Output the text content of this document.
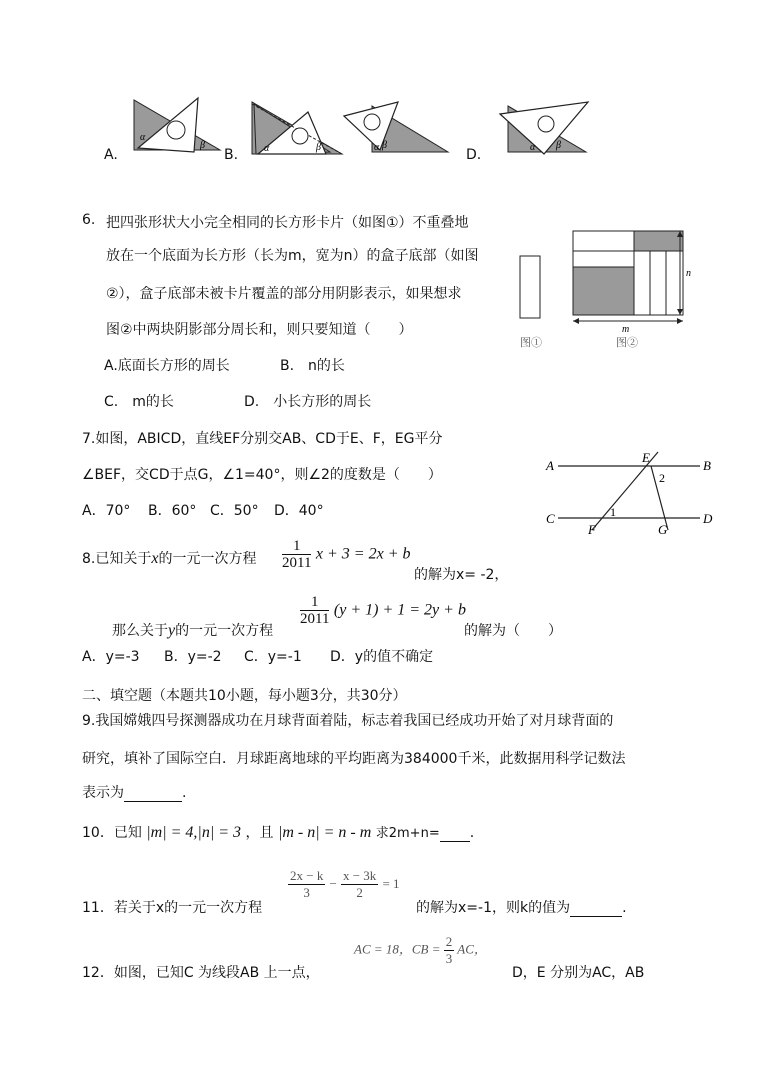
A.
α
β
B.	α	β	α β
D.	α β
6. 把四张形状大小完全相同的长方形卡片（如图①）不重叠地
放在一个底面为长方形（长为m，宽为n）的盒子底部（如图
②），盒子底部未被卡片覆盖的部分用阴影表示，如果想求
图②中两块阴影部分周长和，则只要知道（　　）
A.底面长方形的周长	B.　n的长
C.　m的长	D.　小长方形的周长
n
m
图①	图②
7.如图，ABICD，直线EF分别交AB、CD于E、F，EG平分
∠BEF，交CD于点G，∠1=40°，则∠2的度数是（　　）
A．70° B．60° C．50° D．40°
A	B
C	D
E
F	G
1
2
8.已知关于x的一元一次方程 $\frac{1}{2011}$ x + 3 = 2x + b
的解为x= -2，
那么关于y的一元一次方程
$\frac{1}{2011} (y + 1) + 1 = 2y + b$
的解为（　　）
A．y=-3 B．y=-2 C．y=-1 D．y的值不确定
二、填空题（本题共10小题，每小题3分，共30分）
9.我国嫦娥四号探测器成功在月球背面着陆，标志着我国已经成功开始了对月球背面的
研究，填补了国际空白．月球距离地球的平均距离为384000千米，此数据用科学记数法
表示为	.
10．已知 |m| = 4,|n| = 3 ，且 |m - n| = n - m 求2m+n= .
11．若关于x的一元一次方程
$\frac{2x - k}{3} - \frac{x - 3k}{2} = 1$
的解为x=-1，则k的值为	.
12．如图，已知C 为线段AB 上一点，
AC = 18，CB = $\frac{2}{3}$ AC，
D，E 分别为AC，AB
